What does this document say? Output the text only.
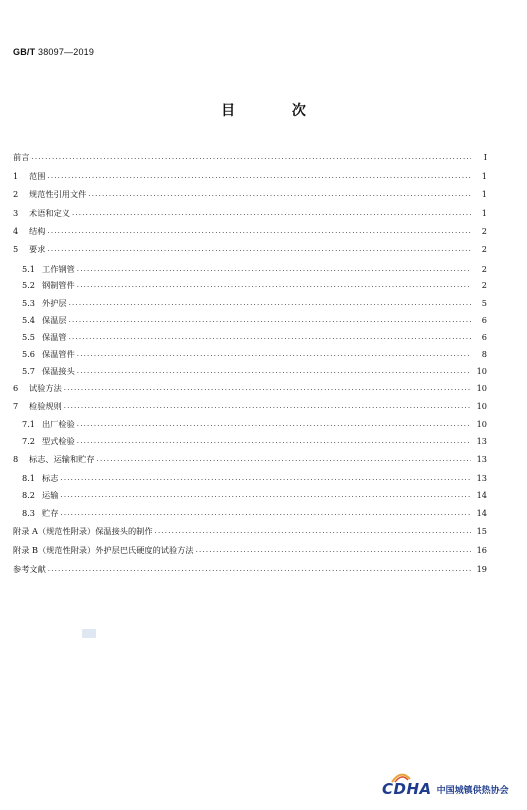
GB/T 38097—2019
目 次
前言 .....	I
1	范围 .....	1
2	规范性引用文件 .....	1
3	术语和定义 .....	1
4	结构 .....	2
5	要求 .....	2
5.1 工作钢管 .....	2
5.2 钢制管件 .....	2
5.3 外护层 .....	5
5.4 保温层 .....	6
5.5 保温管 .....	6
5.6 保温管件 .....	8
5.7 保温接头 .....	10
6	试验方法 .....	10
7	检验规则 .....	10
7.1 出厂检验 .....	10
7.2 型式检验 .....	13
8	标志、运输和贮存 .....	13
8.1 标志 .....	13
8.2 运输 .....	14
8.3 贮存 .....	14
附录 A（规范性附录）保温接头的制作 .....	15
附录 B（规范性附录）外护层巴氏硬度的试验方法 .....	16
参考文献 .....	19
CDHA 中国城镇供热协会
